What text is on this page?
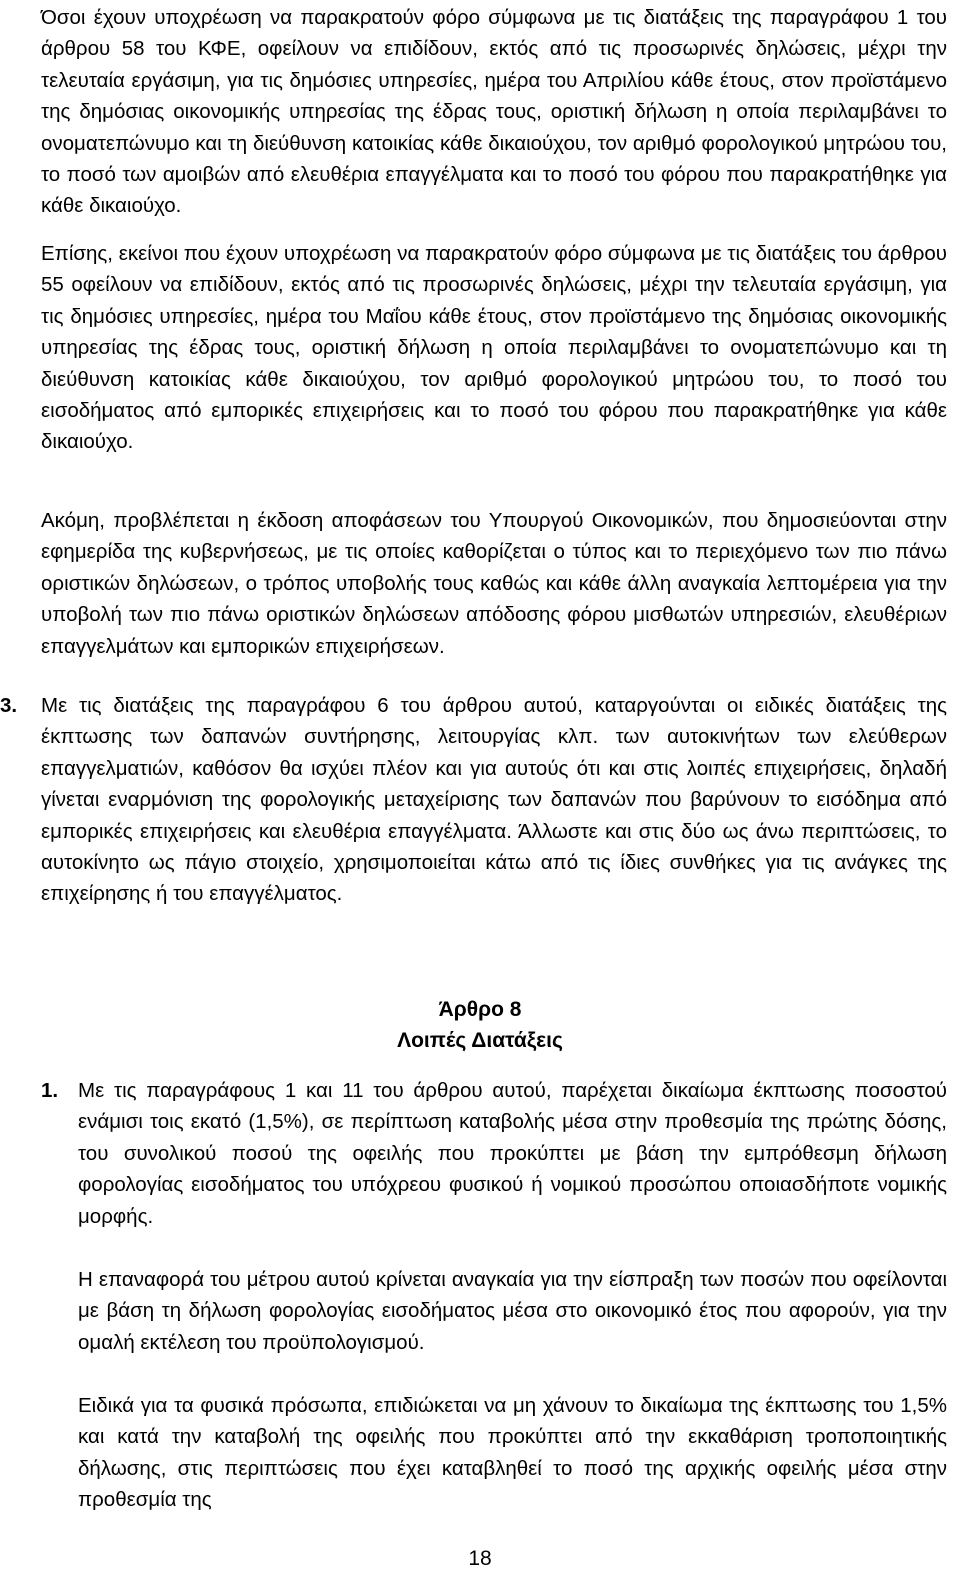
Όσοι έχουν υποχρέωση να παρακρατούν φόρο σύμφωνα με τις διατάξεις της παραγράφου 1 του άρθρου 58 του ΚΦΕ, οφείλουν να επιδίδουν, εκτός από τις προσωρινές δηλώσεις, μέχρι την τελευταία εργάσιμη, για τις δημόσιες υπηρεσίες, ημέρα του Απριλίου κάθε έτους, στον προϊστάμενο της δημόσιας οικονομικής υπηρεσίας της έδρας τους, οριστική δήλωση η οποία περιλαμβάνει το ονοματεπώνυμο και τη διεύθυνση κατοικίας κάθε δικαιούχου, τον αριθμό φορολογικού μητρώου του, το ποσό των αμοιβών από ελευθέρια επαγγέλματα και το ποσό του φόρου που παρακρατήθηκε για κάθε δικαιούχο.

Επίσης, εκείνοι που έχουν υποχρέωση να παρακρατούν φόρο σύμφωνα με τις διατάξεις του άρθρου 55 οφείλουν να επιδίδουν, εκτός από τις προσωρινές δηλώσεις, μέχρι την τελευταία εργάσιμη, για τις δημόσιες υπηρεσίες, ημέρα του Μαΐου κάθε έτους, στον προϊστάμενο της δημόσιας οικονομικής υπηρεσίας της έδρας τους, οριστική δήλωση η οποία περιλαμβάνει το ονοματεπώνυμο και τη διεύθυνση κατοικίας κάθε δικαιούχου, τον αριθμό φορολογικού μητρώου του, το ποσό του εισοδήματος από εμπορικές επιχειρήσεις και το ποσό του φόρου που παρακρατήθηκε για κάθε δικαιούχο.

Ακόμη, προβλέπεται η έκδοση αποφάσεων του Υπουργού Οικονομικών, που δημοσιεύονται στην εφημερίδα της κυβερνήσεως, με τις οποίες καθορίζεται ο τύπος και το περιεχόμενο των πιο πάνω οριστικών δηλώσεων, ο τρόπος υποβολής τους καθώς και κάθε άλλη αναγκαία λεπτομέρεια για την υποβολή των πιο πάνω οριστικών δηλώσεων απόδοσης φόρου μισθωτών υπηρεσιών, ελευθέριων επαγγελμάτων και εμπορικών επιχειρήσεων.

3. Με τις διατάξεις της παραγράφου 6 του άρθρου αυτού, καταργούνται οι ειδικές διατάξεις της έκπτωσης των δαπανών συντήρησης, λειτουργίας κλπ. των αυτοκινήτων των ελεύθερων επαγγελματιών, καθόσον θα ισχύει πλέον και για αυτούς ότι και στις λοιπές επιχειρήσεις, δηλαδή γίνεται εναρμόνιση της φορολογικής μεταχείρισης των δαπανών που βαρύνουν το εισόδημα από εμπορικές επιχειρήσεις και ελευθέρια επαγγέλματα. Άλλωστε και στις δύο ως άνω περιπτώσεις, το αυτοκίνητο ως πάγιο στοιχείο, χρησιμοποιείται κάτω από τις ίδιες συνθήκες για τις ανάγκες της επιχείρησης ή του επαγγέλματος.

Άρθρο 8
Λοιπές Διατάξεις
1. Με τις παραγράφους 1 και 11 του άρθρου αυτού, παρέχεται δικαίωμα έκπτωσης ποσοστού ενάμισι τοις εκατό (1,5%), σε περίπτωση καταβολής μέσα στην προθεσμία της πρώτης δόσης, του συνολικού ποσού της οφειλής που προκύπτει με βάση την εμπρόθεσμη δήλωση φορολογίας εισοδήματος του υπόχρεου φυσικού ή νομικού προσώπου οποιασδήποτε νομικής μορφής.

Η επαναφορά του μέτρου αυτού κρίνεται αναγκαία για την είσπραξη των ποσών που οφείλονται με βάση τη δήλωση φορολογίας εισοδήματος μέσα στο οικονομικό έτος που αφορούν, για την ομαλή εκτέλεση του προϋπολογισμού.

Ειδικά για τα φυσικά πρόσωπα, επιδιώκεται να μη χάνουν το δικαίωμα της έκπτωσης του 1,5% και κατά την καταβολή της οφειλής που προκύπτει από την εκκαθάριση τροποποιητικής δήλωσης, στις περιπτώσεις που έχει καταβληθεί το ποσό της αρχικής οφειλής μέσα στην προθεσμία της

18
